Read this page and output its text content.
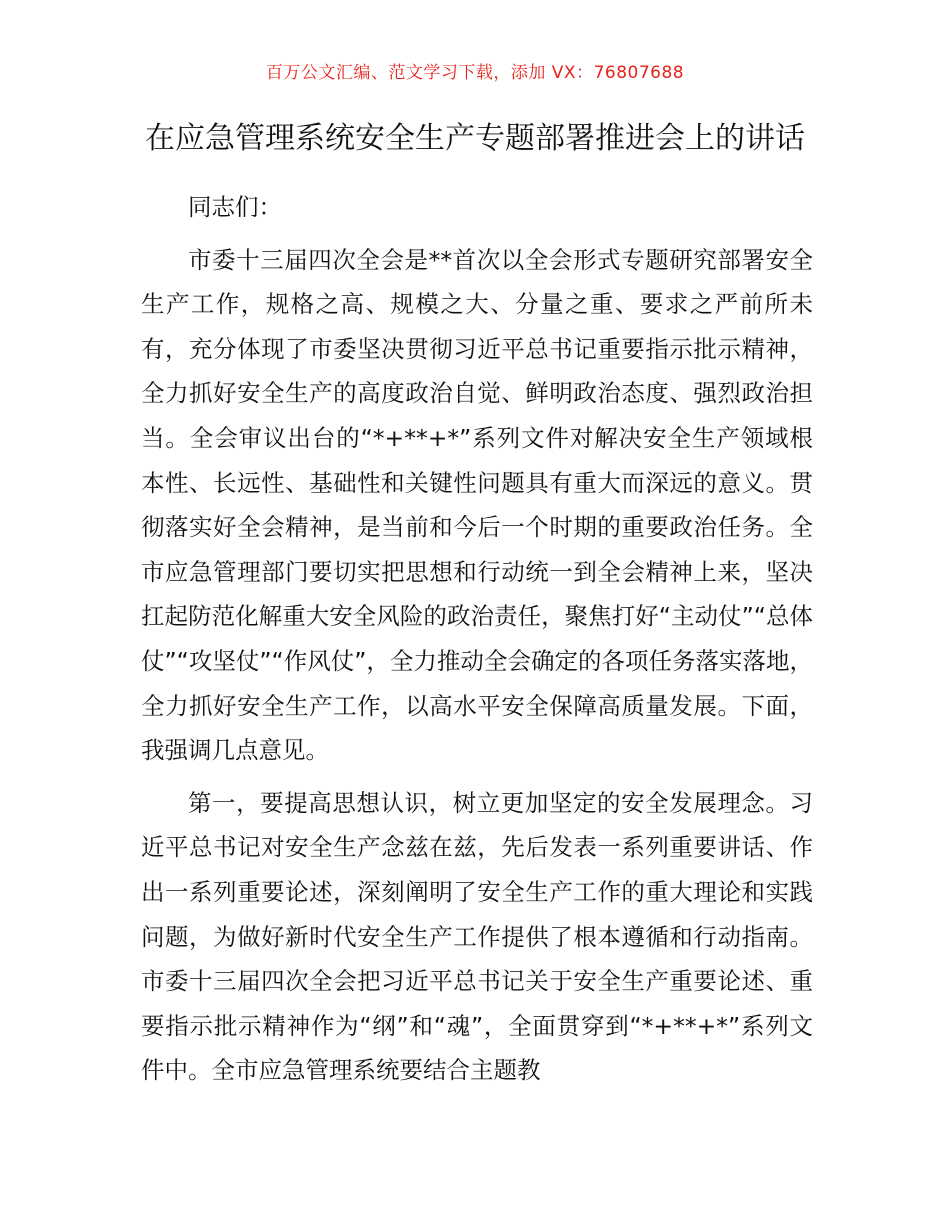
百万公文汇编、范文学习下载，添加 VX：76807688
在应急管理系统安全生产专题部署推进会上的讲话

同志们：

市委十三届四次全会是**首次以全会形式专题研究部署安全生产工作，规格之高、规模之大、分量之重、要求之严前所未有，充分体现了市委坚决贯彻习近平总书记重要指示批示精神，全力抓好安全生产的高度政治自觉、鲜明政治态度、强烈政治担当。全会审议出台的“*+**+*”系列文件对解决安全生产领域根本性、长远性、基础性和关键性问题具有重大而深远的意义。贯彻落实好全会精神，是当前和今后一个时期的重要政治任务。全市应急管理部门要切实把思想和行动统一到全会精神上来，坚决扛起防范化解重大安全风险的政治责任，聚焦打好“主动仗”“总体仗”“攻坚仗”“作风仗”，全力推动全会确定的各项任务落实落地，全力抓好安全生产工作，以高水平安全保障高质量发展。下面，我强调几点意见。

第一，要提高思想认识，树立更加坚定的安全发展理念。习近平总书记对安全生产念兹在兹，先后发表一系列重要讲话、作出一系列重要论述，深刻阐明了安全生产工作的重大理论和实践问题，为做好新时代安全生产工作提供了根本遵循和行动指南。市委十三届四次全会把习近平总书记关于安全生产重要论述、重要指示批示精神作为“纲”和“魂”，全面贯穿到“*+**+*”系列文件中。全市应急管理系统要结合主题教
